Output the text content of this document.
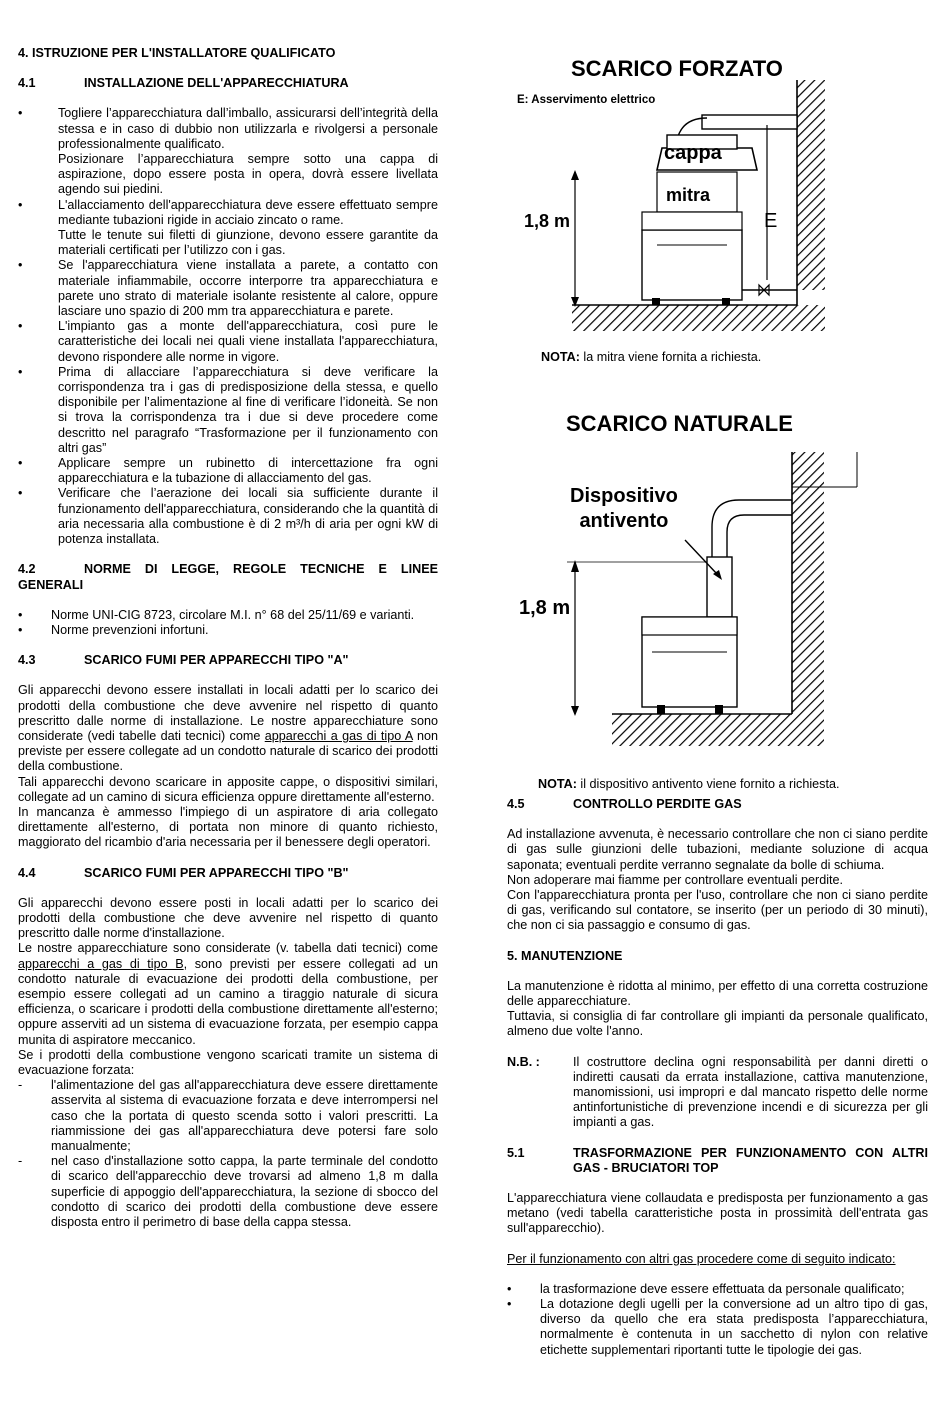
4. ISTRUZIONE PER L'INSTALLATORE QUALIFICATO
4.1	INSTALLAZIONE DELL'APPARECCHIATURA
• Togliere l’apparecchiatura dall’imballo, assicurarsi dell’integrità della stessa e in caso di dubbio non utilizzarla e rivolgersi a personale professionalmente qualificato.
Posizionare l’apparecchiatura sempre sotto una cappa di aspirazione, dopo essere posta in opera, dovrà essere livellata agendo sui piedini.
• L'allacciamento dell'apparecchiatura deve essere effettuato sempre mediante tubazioni rigide in acciaio zincato o rame.
Tutte le tenute sui filetti di giunzione, devono essere garantite da materiali certificati per l’utilizzo con i gas.
• Se l'apparecchiatura viene installata a parete, a contatto con materiale infiammabile, occorre interporre tra apparecchiatura e parete uno strato di materiale isolante resistente al calore, oppure lasciare uno spazio di 200 mm tra apparecchiatura e parete.
• L'impianto gas a monte dell'apparecchiatura, così pure le caratteristiche dei locali nei quali viene installata l'apparecchiatura, devono rispondere alle norme in vigore.
• Prima di allacciare l’apparecchiatura si deve verificare la corrispondenza tra i gas di predisposizione della stessa, e quello disponibile per l’alimentazione al fine di verificare l’idoneità. Se non si trova la corrispondenza tra i due si deve procedere come descritto nel paragrafo “Trasformazione per il funzionamento con altri gas”
• Applicare sempre un rubinetto di intercettazione fra ogni apparecchiatura e la tubazione di allacciamento del gas.
• Verificare che l’aerazione dei locali sia sufficiente durante il funzionamento dell'apparecchiatura, considerando che la quantità di aria necessaria alla combustione è di 2 m³/h di aria per ogni kW di potenza installata.
4.2	NORME DI LEGGE, REGOLE TECNICHE E LINEE GENERALI
• Norme UNI-CIG 8723, circolare M.I. n° 68 del 25/11/69 e varianti.
• Norme prevenzioni infortuni.
4.3	SCARICO FUMI PER APPARECCHI TIPO "A"

Gli apparecchi devono essere installati in locali adatti per lo scarico dei prodotti della combustione che deve avvenire nel rispetto di quanto prescritto dalle norme di installazione. Le nostre apparecchiature sono considerate (vedi tabelle dati tecnici) come apparecchi a gas di tipo A non previste per essere collegate ad un condotto naturale di scarico dei prodotti della combustione.

Tali apparecchi devono scaricare in apposite cappe, o dispositivi similari, collegate ad un camino di sicura efficienza oppure direttamente all'esterno.

In mancanza è ammesso l'impiego di un aspiratore di aria collegato direttamente all'esterno, di portata non minore di quanto richiesto, maggiorato del ricambio d'aria necessaria per il benessere degli operatori.

4.4	SCARICO FUMI PER APPARECCHI TIPO "B"

Gli apparecchi devono essere posti in locali adatti per lo scarico dei prodotti della combustione che deve avvenire nel rispetto di quanto prescritto dalle norme d'installazione.

Le nostre apparecchiature sono considerate (v. tabella dati tecnici) come apparecchi a gas di tipo B, sono previsti per essere collegati ad un condotto naturale di evacuazione dei prodotti della combustione, per esempio essere collegati ad un camino a tiraggio naturale di sicura efficienza, o scaricare i prodotti della combustione direttamente all'esterno; oppure asserviti ad un sistema di evacuazione forzata, per esempio cappa munita di aspiratore meccanico.

Se i prodotti della combustione vengono scaricati tramite un sistema di evacuazione forzata:

- l'alimentazione del gas all'apparecchiatura deve essere direttamente asservita al sistema di evacuazione forzata e deve interrompersi nel caso che la portata di questo scenda sotto i valori prescritti. La riammissione dei gas all'apparecchiatura deve potersi fare solo manualmente;
- nel caso d'installazione sotto cappa, la parte terminale del condotto di scarico dell'apparecchio deve trovarsi ad almeno 1,8 m dalla superficie di appoggio dell'apparecchiatura, la sezione di sbocco del condotto di scarico dei prodotti della combustione deve essere disposta entro il perimetro di base della cappa stessa.
SCARICO FORZATO
E: Asservimento elettrico
cappa
mitra
1,8 m	E
NOTA: la mitra viene fornita a richiesta.
SCARICO NATURALE
Dispositivo
antivento
1,8 m
NOTA: il dispositivo antivento viene fornito a richiesta.
4.5	CONTROLLO PERDITE GAS

Ad installazione avvenuta, è necessario controllare che non ci siano perdite di gas sulle giunzioni delle tubazioni, mediante soluzione di acqua saponata; eventuali perdite verranno segnalate da bolle di schiuma.

Non adoperare mai fiamme per controllare eventuali perdite.

Con l'apparecchiatura pronta per l'uso, controllare che non ci siano perdite di gas, verificando sul contatore, se inserito (per un periodo di 30 minuti), che non ci sia passaggio e consumo di gas.

5. MANUTENZIONE

La manutenzione è ridotta al minimo, per effetto di una corretta costruzione delle apparecchiature.

Tuttavia, si consiglia di far controllare gli impianti da personale qualificato, almeno due volte l'anno.

N.B. :	Il costruttore declina ogni responsabilità per danni diretti o indiretti causati da errata installazione, cattiva manutenzione, manomissioni, usi impropri e dal mancato rispetto delle norme antinfortunistiche di prevenzione incendi e di sicurezza per gli impianti a gas.
5.1	TRASFORMAZIONE PER FUNZIONAMENTO CON ALTRI GAS - BRUCIATORI TOP

L'apparecchiatura viene collaudata e predisposta per funzionamento a gas metano (vedi tabella caratteristiche posta in prossimità dell'entrata gas sull'apparecchio).

Per il funzionamento con altri gas procedere come di seguito indicato:

• la trasformazione deve essere effettuata da personale qualificato;
• La dotazione degli ugelli per la conversione ad un altro tipo di gas, diverso da quello che era stata predisposta l’apparecchiatura, normalmente è contenuta in un sacchetto di nylon con relative etichette supplementari riportanti tutte le tipologie dei gas.
